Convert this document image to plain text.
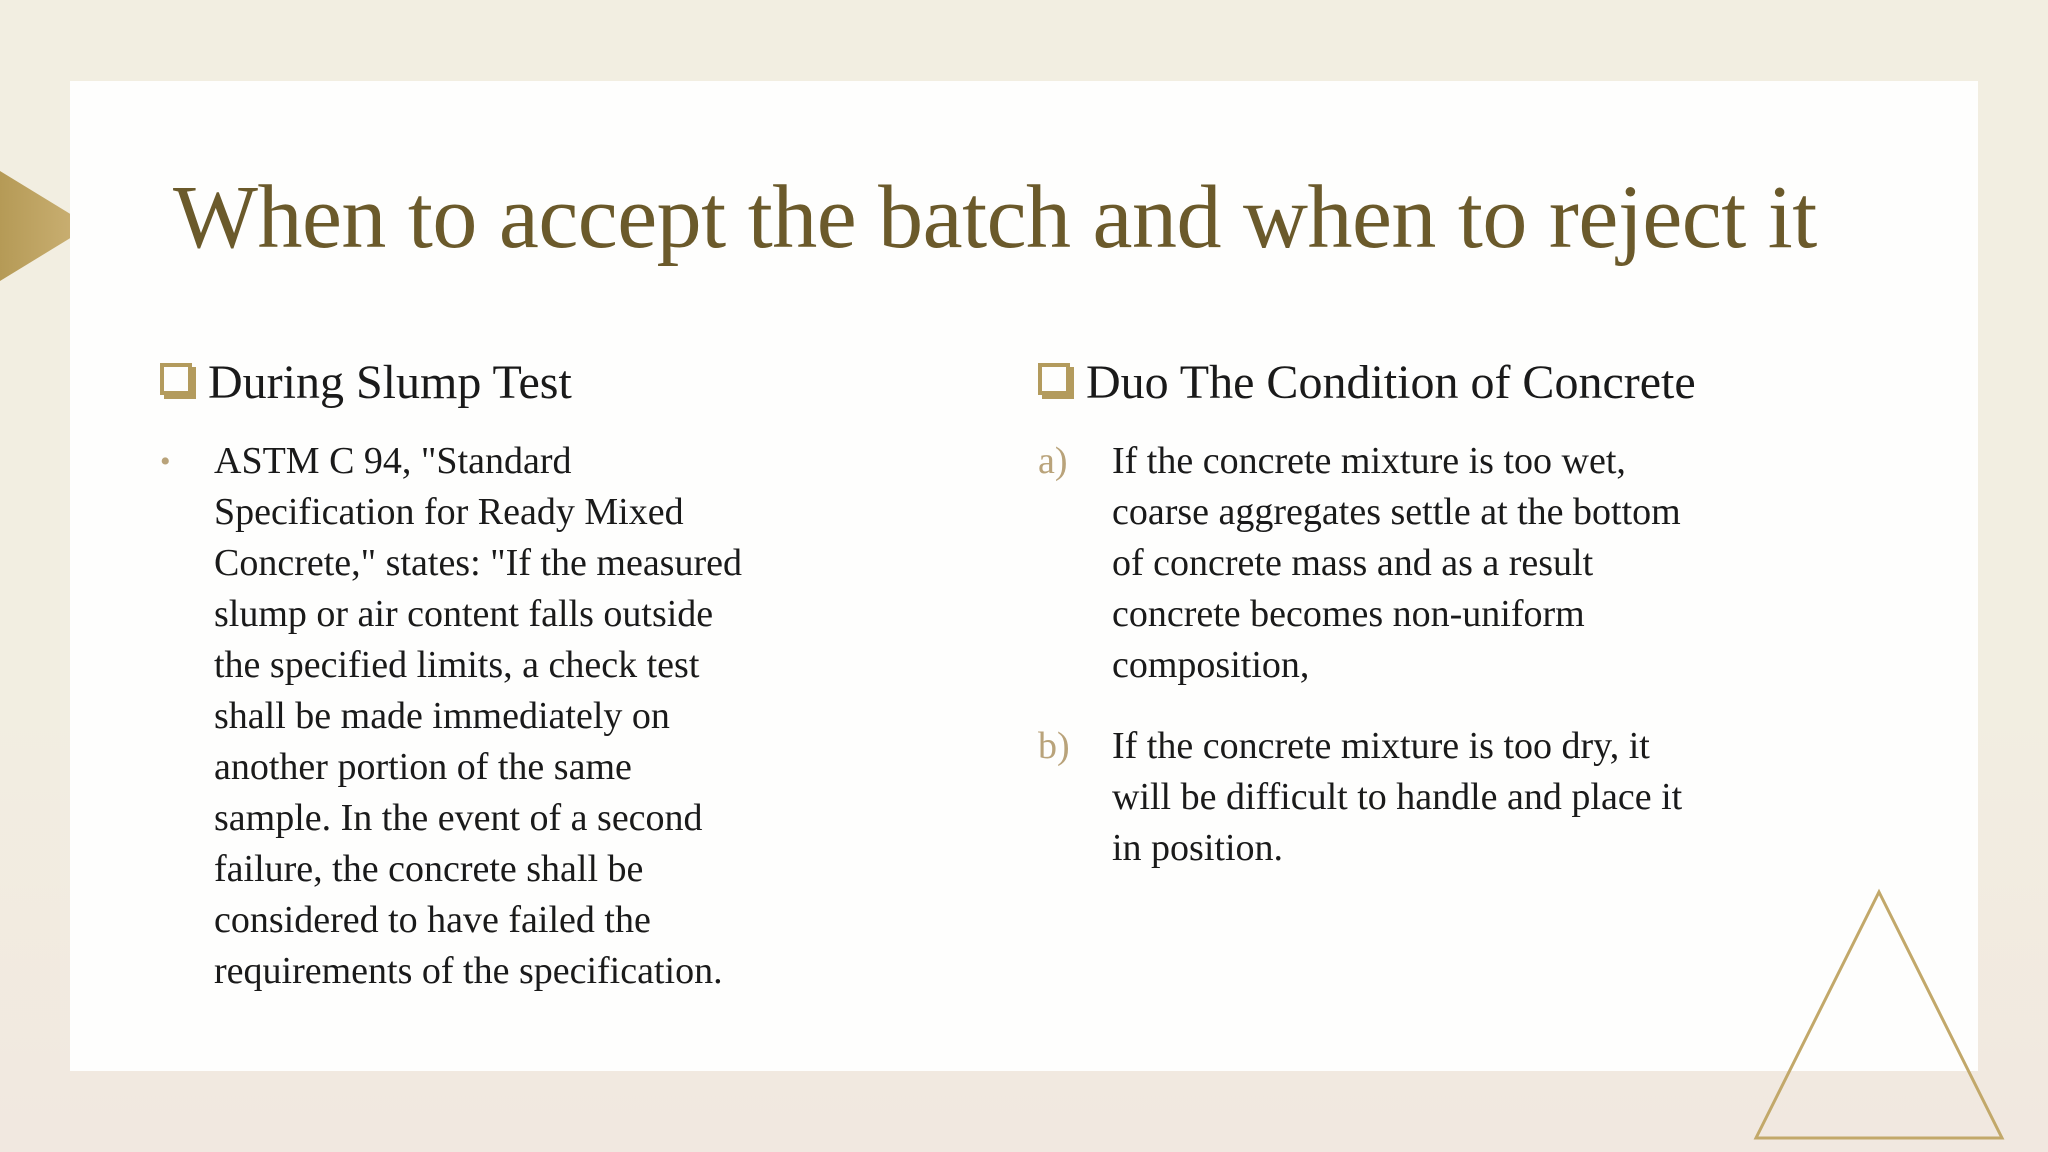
When to accept the batch and when to reject it
During Slump Test
•	ASTM C 94, "Standard
Specification for Ready Mixed
Concrete," states: "If the measured
slump or air content falls outside
the specified limits, a check test
shall be made immediately on
another portion of the same
sample. In the event of a second
failure, the concrete shall be
considered to have failed the
requirements of the specification.
Duo The Condition of Concrete
a) If the concrete mixture is too wet,
coarse aggregates settle at the bottom
of concrete mass and as a result
concrete becomes non-uniform
composition,
b) If the concrete mixture is too dry, it
will be difficult to handle and place it
in position.
